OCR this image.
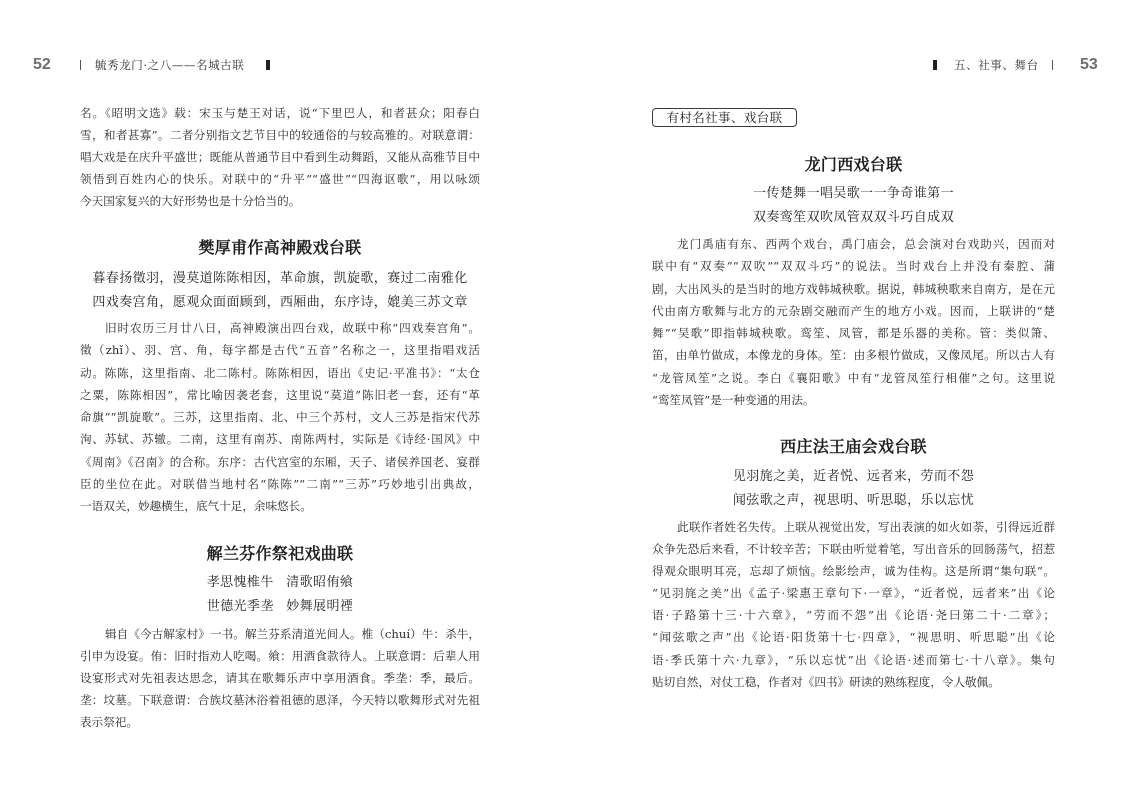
52	毓秀龙门·之八——名城古联	五、社事、舞台	53
名。《昭明文选》载：宋玉与楚王对话，说“下里巴人，和者甚众；阳春白
雪，和者甚寡”。二者分别指文艺节目中的较通俗的与较高雅的。对联意谓：
唱大戏是在庆升平盛世；既能从普通节目中看到生动舞蹈，又能从高雅节目中
领悟到百姓内心的快乐。对联中的“升平”“盛世”“四海讴歌”，用以咏颂
今天国家复兴的大好形势也是十分恰当的。
樊厚甫作高神殿戏台联
暮春扬徵羽，漫莫道陈陈相因，革命旗，凯旋歌，赛过二南雅化
四戏奏宫角，愿观众面面顾到，西厢曲，东序诗，媲美三苏文章
旧时农历三月廿八日，高神殿演出四台戏，故联中称“四戏奏宫角”。
徵（zhǐ）、羽、宫、角，每字都是古代“五音”名称之一，这里指唱戏活
动。陈陈，这里指南、北二陈村。陈陈相因，语出《史记·平准书》：“太仓
之粟，陈陈相因”，常比喻因袭老套，这里说“莫道”陈旧老一套，还有“革
命旗”“凯旋歌”。三苏，这里指南、北、中三个苏村，文人三苏是指宋代苏
洵、苏轼、苏辙。二南，这里有南苏、南陈两村，实际是《诗经·国风》中
《周南》《召南》的合称。东序：古代宫室的东厢，天子、诸侯养国老、宴群
臣的坐位在此。对联借当地村名“陈陈”“二南”“三苏”巧妙地引出典故，
一语双关，妙趣横生，底气十足，余味悠长。
解兰芬作祭祀戏曲联
孝思愧椎牛 清歌昭侑飨
世德光季垄 妙舞展明禋
辑自《今古解家村》一书。解兰芬系清道光间人。椎（chuí）牛：杀牛，
引申为设宴。侑：旧时指劝人吃喝。飨：用酒食款待人。上联意谓：后辈人用
设宴形式对先祖表达思念，请其在歌舞乐声中享用酒食。季垄：季，最后。
垄：坟墓。下联意谓：合族坟墓沐浴着祖德的恩泽，今天特以歌舞形式对先祖
表示祭祀。
有村名社事、戏台联
龙门西戏台联
一传楚舞一唱吴歌一一争奇谁第一
双奏鸾笙双吹凤管双双斗巧自成双
龙门禹庙有东、西两个戏台，禹门庙会，总会演对台戏助兴，因而对
联中有“双奏”“双吹”“双双斗巧”的说法。当时戏台上并没有秦腔、蒲
剧，大出风头的是当时的地方戏韩城秧歌。据说，韩城秧歌来自南方，是在元
代由南方歌舞与北方的元杂剧交融而产生的地方小戏。因而，上联讲的“楚
舞”“吴歌”即指韩城秧歌。鸾笙、凤管，都是乐器的美称。管：类似箫、
笛，由单竹做成，本像龙的身体。笙：由多根竹做成，又像凤尾。所以古人有
“龙管凤笙”之说。李白《襄阳歌》中有“龙管凤笙行相催”之句。这里说
“鸾笙凤管”是一种变通的用法。
西庄法王庙会戏台联
见羽旄之美，近者悦、远者来，劳而不怨
闻弦歌之声，视思明、听思聪，乐以忘忧
此联作者姓名失传。上联从视觉出发，写出表演的如火如荼，引得远近群
众争先恐后来看，不计较辛苦；下联由听觉着笔，写出音乐的回肠荡气，招惹
得观众眼明耳亮，忘却了烦恼。绘影绘声，诚为佳构。这是所谓“集句联”。
“见羽旄之美”出《孟子·梁惠王章句下·一章》，“近者悦，远者来”出《论
语·子路第十三·十六章》，“劳而不怨”出《论语·尧曰第二十·二章》；
“闻弦歌之声”出《论语·阳货第十七·四章》，“视思明、听思聪”出《论
语·季氏第十六·九章》，“乐以忘忧”出《论语·述而第七·十八章》。集句
贴切自然，对仗工稳，作者对《四书》研读的熟练程度，令人敬佩。
